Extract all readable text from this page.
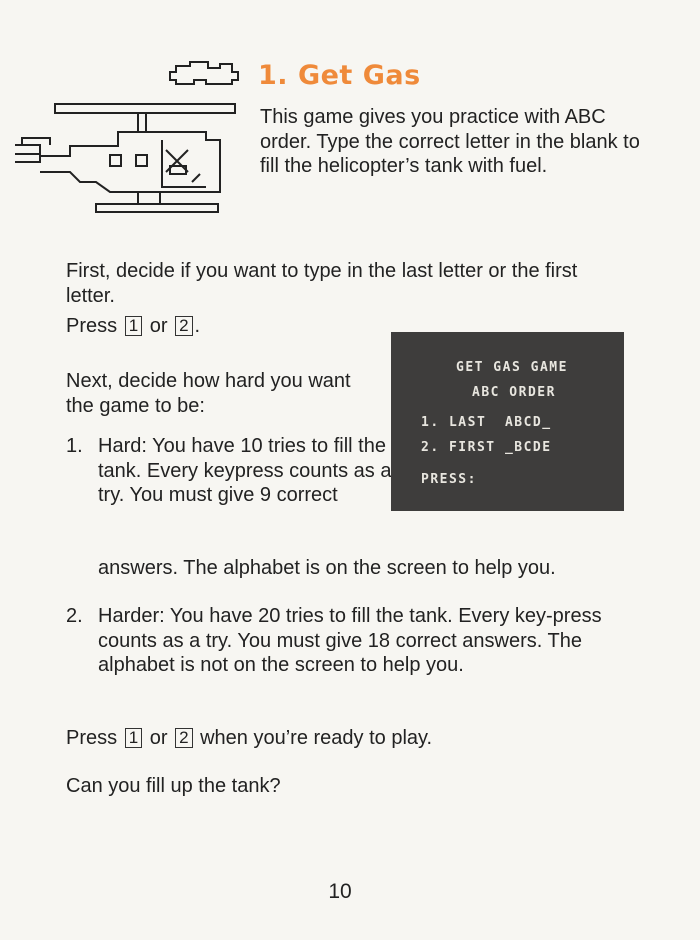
1. Get Gas
This game gives you practice with ABC order. Type the correct letter in the blank to fill the helicopter’s tank with fuel.
First, decide if you want to type in the last letter or the first letter.
Press 1 or 2 .
Next, decide how hard you want the game to be:
1. Hard: You have 10 tries to fill the tank. Every keypress counts as a try. You must give 9 correct
answers. The alphabet is on the screen to help you.
2. Harder: You have 20 tries to fill the tank. Every key-press counts as a try. You must give 18 correct answers. The alphabet is not on the screen to help you.
Press 1 or 2 when you’re ready to play.
Can you fill up the tank?
10
GET GAS GAME
ABC ORDER
1. LAST  ABCD_
2. FIRST _BCDE
PRESS:
